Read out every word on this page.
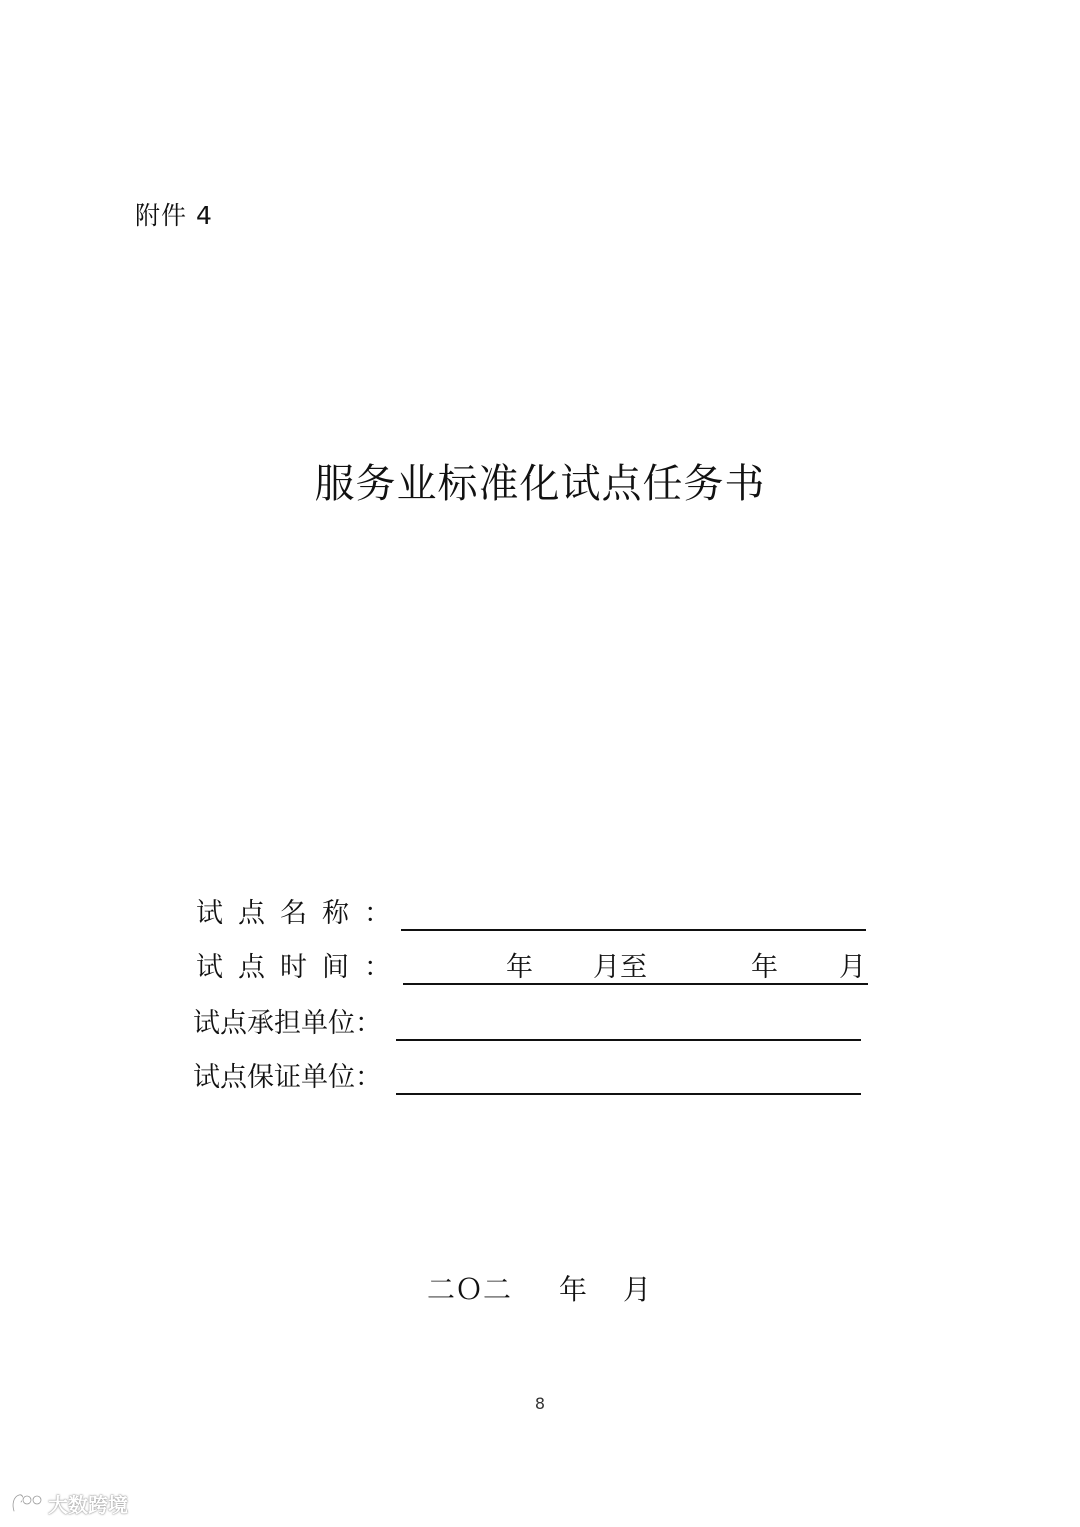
附件 4
服务业标准化试点任务书
试点名称：
试点时间：	年 月至	年 月
试点承担单位：
试点保证单位：
二Ｏ二 年 月
8
大数跨境
